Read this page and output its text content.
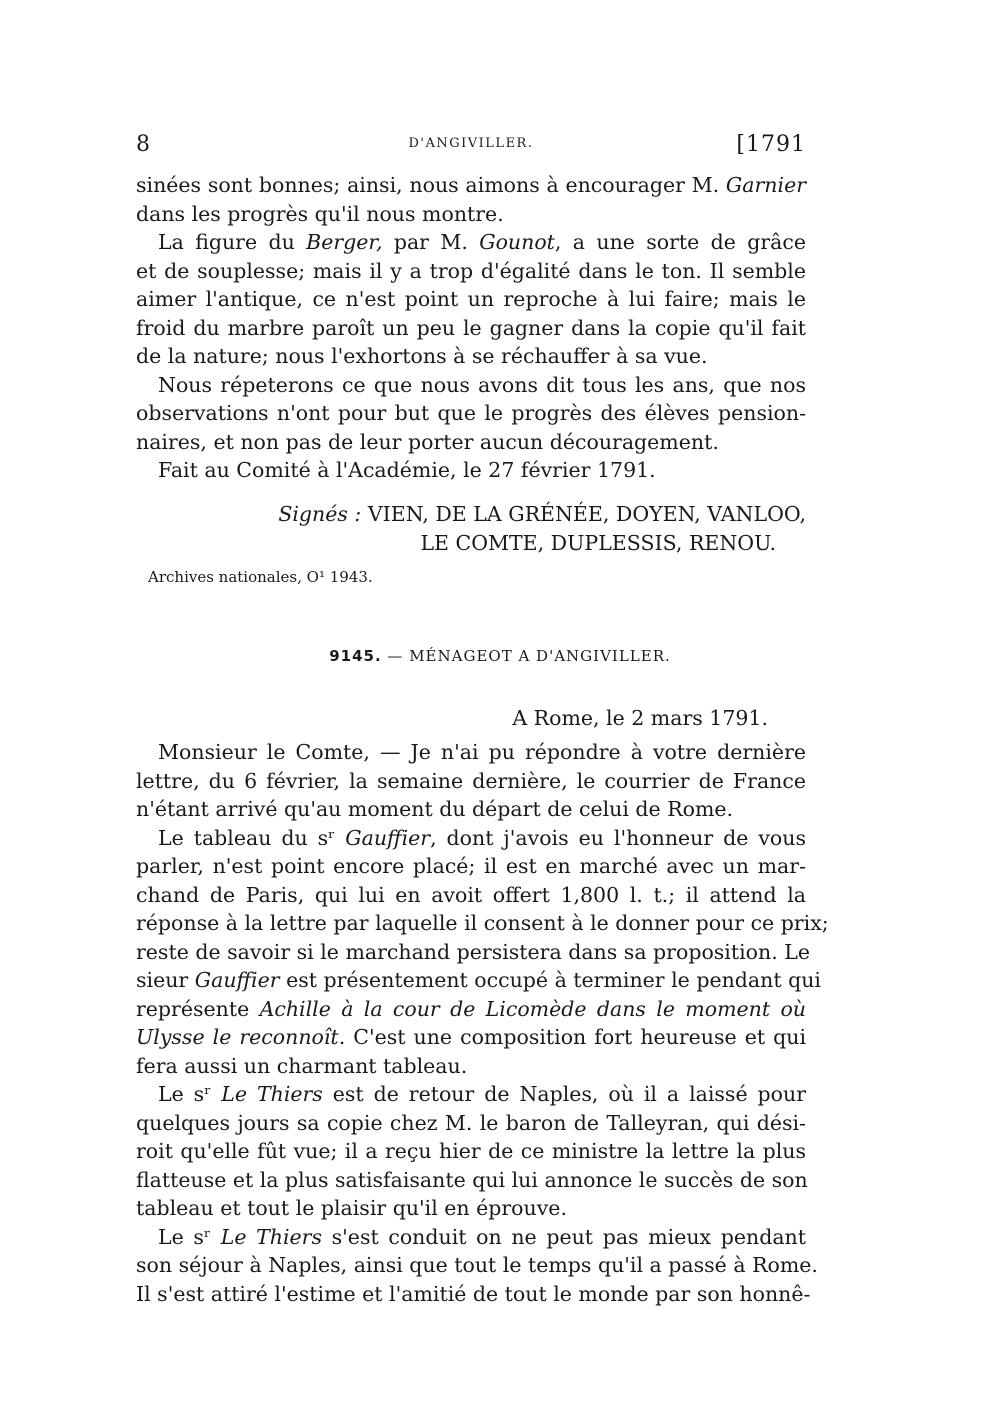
8	D'ANGIVILLER.	[1791
sinées sont bonnes; ainsi, nous aimons à encourager M. Garnier
dans les progrès qu'il nous montre.
La figure du Berger, par M. Gounot, a une sorte de grâce
et de souplesse; mais il y a trop d'égalité dans le ton. Il semble
aimer l'antique, ce n'est point un reproche à lui faire; mais le
froid du marbre paroît un peu le gagner dans la copie qu'il fait
de la nature; nous l'exhortons à se réchauffer à sa vue.
Nous répeterons ce que nous avons dit tous les ans, que nos
observations n'ont pour but que le progrès des élèves pension-
naires, et non pas de leur porter aucun découragement.
Fait au Comité à l'Académie, le 27 février 1791.
Signés : VIEN, DE LA GRÉNÉE, DOYEN, VANLOO,
LE COMTE, DUPLESSIS, RENOU.
Archives nationales, O¹ 1943.
9145. — MÉNAGEOT A D'ANGIVILLER.
A Rome, le 2 mars 1791.
Monsieur le Comte, — Je n'ai pu répondre à votre dernière
lettre, du 6 février, la semaine dernière, le courrier de France
n'étant arrivé qu'au moment du départ de celui de Rome.
Le tableau du sʳ Gauffier, dont j'avois eu l'honneur de vous
parler, n'est point encore placé; il est en marché avec un mar-
chand de Paris, qui lui en avoit offert 1,800 l. t.; il attend la
réponse à la lettre par laquelle il consent à le donner pour ce prix;
reste de savoir si le marchand persistera dans sa proposition. Le
sieur Gauffier est présentement occupé à terminer le pendant qui
représente Achille à la cour de Licomède dans le moment où
Ulysse le reconnoît. C'est une composition fort heureuse et qui
fera aussi un charmant tableau.
Le sʳ Le Thiers est de retour de Naples, où il a laissé pour
quelques jours sa copie chez M. le baron de Talleyran, qui dési-
roit qu'elle fût vue; il a reçu hier de ce ministre la lettre la plus
flatteuse et la plus satisfaisante qui lui annonce le succès de son
tableau et tout le plaisir qu'il en éprouve.
Le sʳ Le Thiers s'est conduit on ne peut pas mieux pendant
son séjour à Naples, ainsi que tout le temps qu'il a passé à Rome.
Il s'est attiré l'estime et l'amitié de tout le monde par son honnê-
